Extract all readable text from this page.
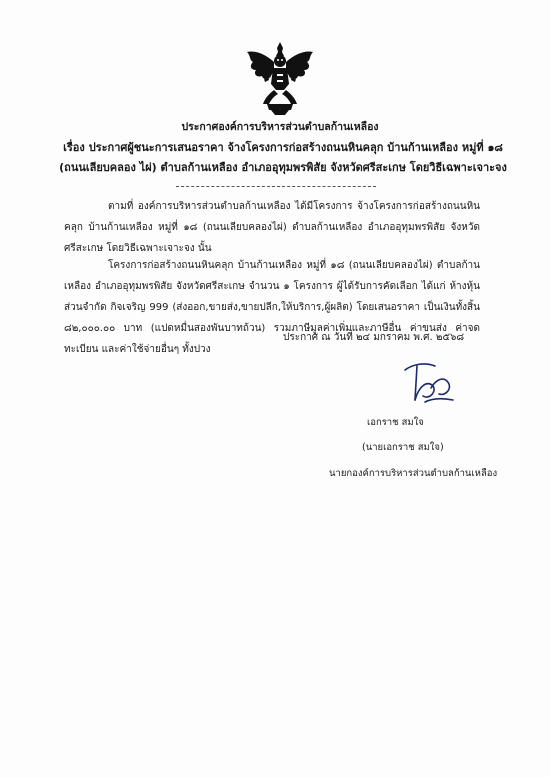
ประกาศองค์การบริหารส่วนตำบลก้านเหลือง
เรื่อง ประกาศผู้ชนะการเสนอราคา จ้างโครงการก่อสร้างถนนหินคลุก บ้านก้านเหลือง หมู่ที่ ๑๘ (ถนนเลียบคลอง ไผ่) ตำบลก้านเหลือง อำเภออุทุมพรพิสัย จังหวัดศรีสะเกษ โดยวิธีเฉพาะเจาะจง
ตามที่ องค์การบริหารส่วนตำบลก้านเหลือง ได้มีโครงการ จ้างโครงการก่อสร้างถนนหินคลุก บ้านก้านเหลือง หมู่ที่ ๑๘ (ถนนเลียบคลองไผ่) ตำบลก้านเหลือง อำเภออุทุมพรพิสัย จังหวัดศรีสะเกษ โดยวิธีเฉพาะเจาะจง นั้น
โครงการก่อสร้างถนนหินคลุก บ้านก้านเหลือง หมู่ที่ ๑๘ (ถนนเลียบคลองไผ่) ตำบลก้านเหลือง อำเภออุทุมพรพิสัย จังหวัดศรีสะเกษ จำนวน ๑ โครงการ ผู้ได้รับการคัดเลือก ได้แก่ ห้างหุ้นส่วนจำกัด กิจเจริญ 999 (ส่งออก,ขายส่ง,ขายปลีก,ให้บริการ,ผู้ผลิต) โดยเสนอราคา เป็นเงินทั้งสิ้น ๘๒,๐๐๐.๐๐ บาท (แปดหมื่นสองพันบาทถ้วน) รวมภาษีมูลค่าเพิ่มและภาษีอื่น ค่าขนส่ง ค่าจดทะเบียน และค่าใช้จ่ายอื่นๆ ทั้งปวง
ประกาศ ณ วันที่ ๒๔ มกราคม พ.ศ. ๒๕๖๘
เอกราช สมใจ
(นายเอกราช สมใจ)
นายกองค์การบริหารส่วนตำบลก้านเหลือง
